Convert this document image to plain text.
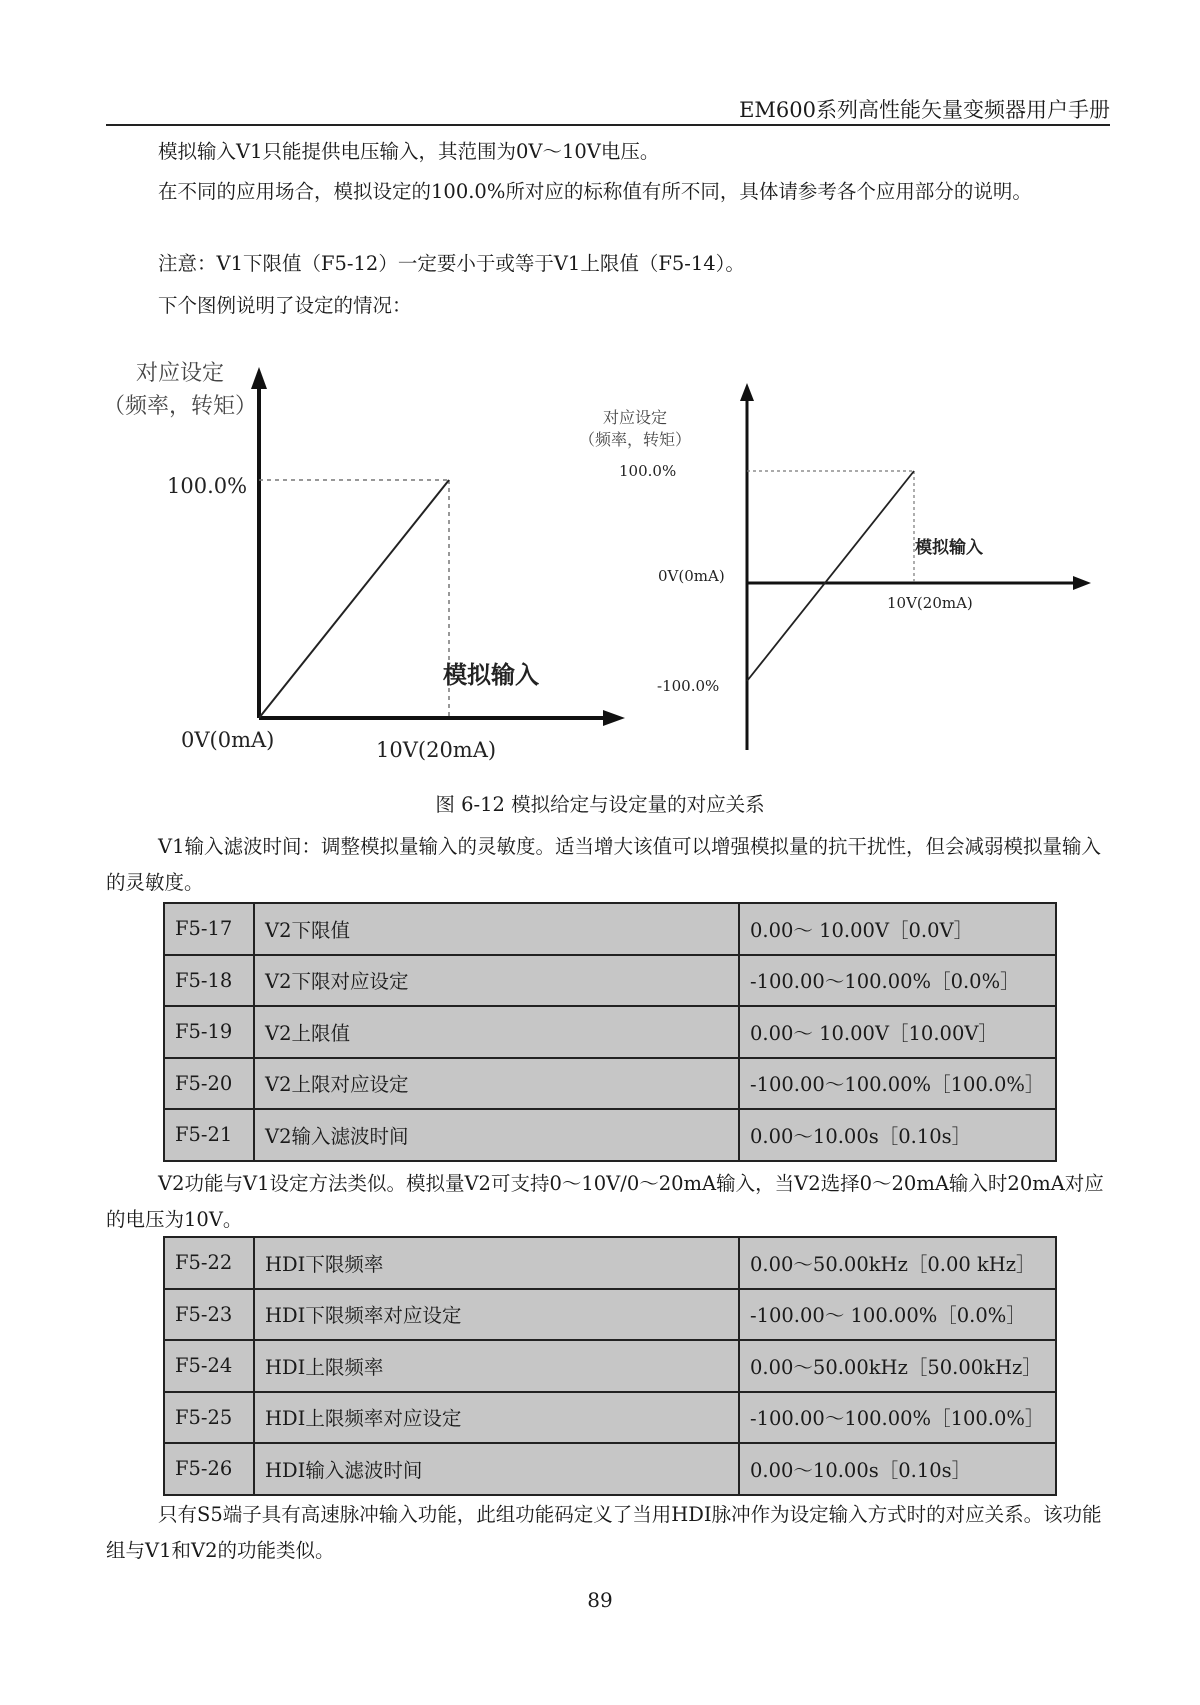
EM600系列高性能矢量变频器用户手册

模拟输入V1只能提供电压输入，其范围为0V～10V电压。

在不同的应用场合，模拟设定的100.0%所对应的标称值有所不同，具体请参考各个应用部分的说明。

注意：V1下限值（F5-12）一定要小于或等于V1上限值（F5-14）。

下个图例说明了设定的情况：

对应设定
（频率，转矩）
100.0%
模拟输入
0V(0mA)	10V(20mA)
对应设定
（频率，转矩）
100.0%
模拟输入
0V(0mA)
10V(20mA)
-100.0%
图 6-12 模拟给定与设定量的对应关系

V1输入滤波时间：调整模拟量输入的灵敏度。适当增大该值可以增强模拟量的抗干扰性，但会减弱模拟量输入的灵敏度。

F5-17	V2下限值	0.00～ 10.00V［0.0V］
F5-18	V2下限对应设定	-100.00～100.00%［0.0%］
F5-19	V2上限值	0.00～ 10.00V［10.00V］
F5-20	V2上限对应设定	-100.00～100.00%［100.0%］
F5-21	V2输入滤波时间	0.00～10.00s［0.10s］

V2功能与V1设定方法类似。模拟量V2可支持0～10V/0～20mA输入，当V2选择0～20mA输入时20mA对应的电压为10V。

F5-22	HDI下限频率	0.00～50.00kHz［0.00 kHz］
F5-23	HDI下限频率对应设定	-100.00～ 100.00%［0.0%］
F5-24	HDI上限频率	0.00～50.00kHz［50.00kHz］
F5-25	HDI上限频率对应设定	-100.00～100.00%［100.0%］
F5-26	HDI输入滤波时间	0.00～10.00s［0.10s］

只有S5端子具有高速脉冲输入功能，此组功能码定义了当用HDI脉冲作为设定输入方式时的对应关系。该功能组与V1和V2的功能类似。

89
